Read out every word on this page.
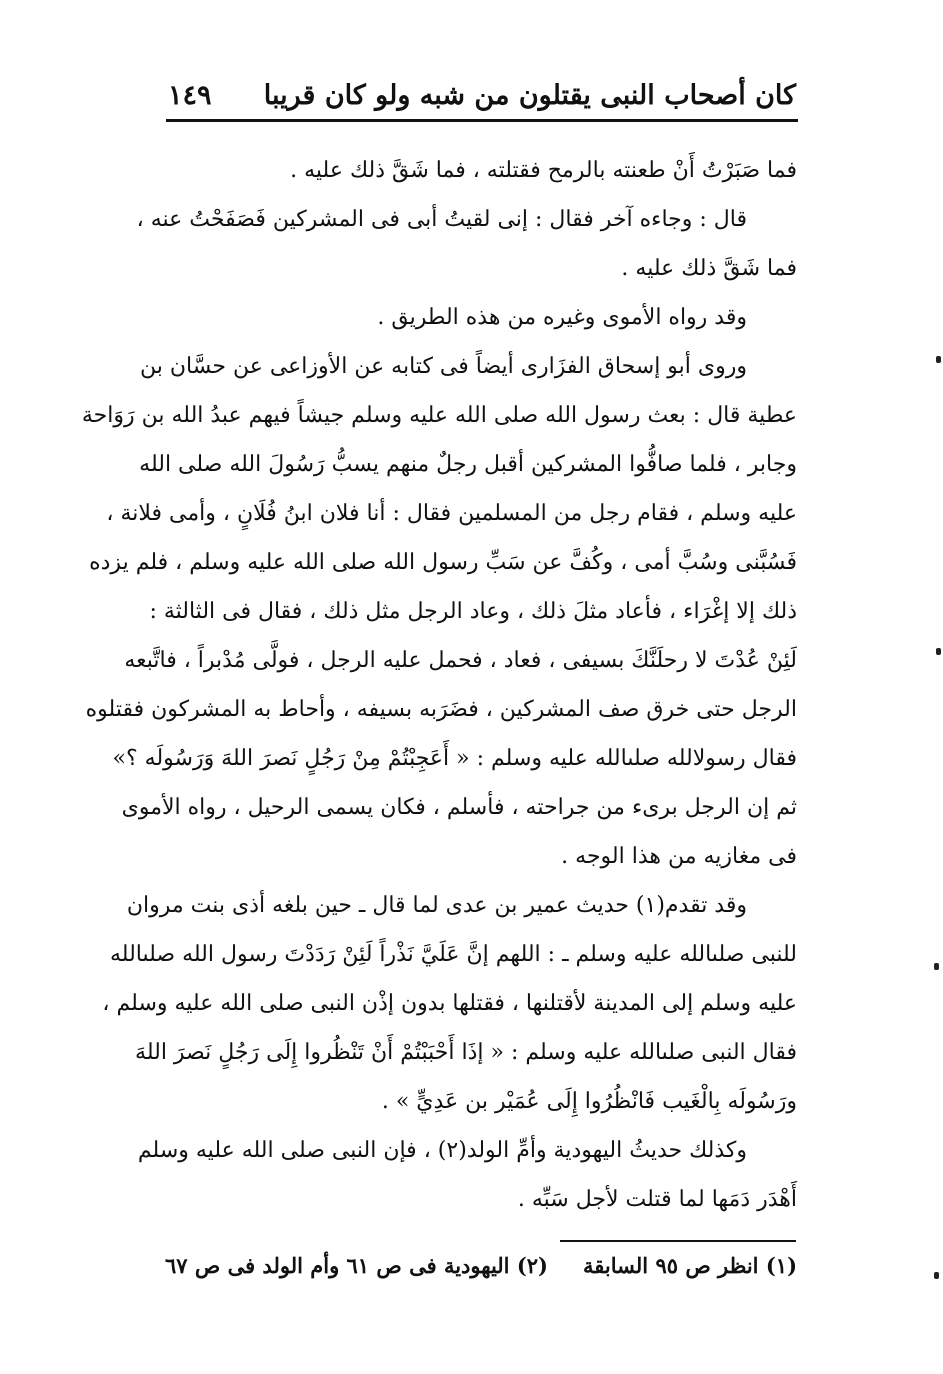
كان أصحاب النبى يقتلون من شبه ولو كان قريبا
١٤٩
فما صَبَرْتُ أَنْ طعنته بالرمح فقتلته ، فما شَقَّ ذلك عليه .
قال : وجاءه آخر فقال : إنى لقيتُ أبى فى المشركين فَصَفَحْتُ عنه ،
فما شَقَّ ذلك عليه .
وقد رواه الأموى وغيره من هذه الطريق .
وروى أبو إسحاق الفزَارى أيضاً فى كتابه عن الأوزاعى عن حسَّان بن
عطية قال : بعث رسول الله صلى الله عليه وسلم جيشاً فيهم عبدُ الله بن رَوَاحة
وجابر ، فلما صافُّوا المشركين أقبل رجلٌ منهم يسبُّ رَسُولَ الله صلى الله
عليه وسلم ، فقام رجل من المسلمين فقال : أنا فلان ابنُ فُلَانٍ ، وأمى فلانة ،
فَسُبَّنى وسُبَّ أمى ، وكُفَّ عن سَبِّ رسول الله صلى الله عليه وسلم ، فلم يزده
ذلك إلا إغْرَاء ، فأعاد مثلَ ذلك ، وعاد الرجل مثل ذلك ، فقال فى الثالثة :
لَئِنْ عُدْتَ لا رحلَنَّكَ بسيفى ، فعاد ، فحمل عليه الرجل ، فولَّى مُدْبراً ، فاتَّبعه
الرجل حتى خرق صف المشركين ، فضَرَبه بسيفه ، وأحاط به المشركون فقتلوه
فقال رسولالله صلىالله عليه وسلم : « أَعَجِبْتُمْ مِنْ رَجُلٍ نَصرَ اللهَ وَرَسُولَه ؟»
ثم إن الرجل برىء من جراحته ، فأسلم ، فكان يسمى الرحيل ، رواه الأموى
فى مغازيه من هذا الوجه .
وقد تقدم(١) حديث عمير بن عدى لما قال ـ حين بلغه أذى بنت مروان
للنبى صلىالله عليه وسلم ـ : اللهم إنَّ عَلَيَّ نَذْراً لَئِنْ رَدَدْتَ رسول الله صلىالله
عليه وسلم إلى المدينة لأقتلنها ، فقتلها بدون إذْن النبى صلى الله عليه وسلم ،
فقال النبى صلىالله عليه وسلم : « إذَا أَحْبَبْتُمْ أَنْ تَنْظُروا إِلَى رَجُلٍ نَصرَ اللهَ
ورَسُولَه بِالْغَيب فَانْظُرُوا إِلَى عُمَيْر بن عَدِيٍّ » .
وكذلك حديثُ اليهودية وأمِّ الولد(٢) ، فإن النبى صلى الله عليه وسلم
أَهْدَر دَمَها لما قتلت لأجل سَبِّه .
(١) انظر ص ٩٥ السابقة
(٢) اليهودية فى ص ٦١ وأم الولد فى ص ٦٧
